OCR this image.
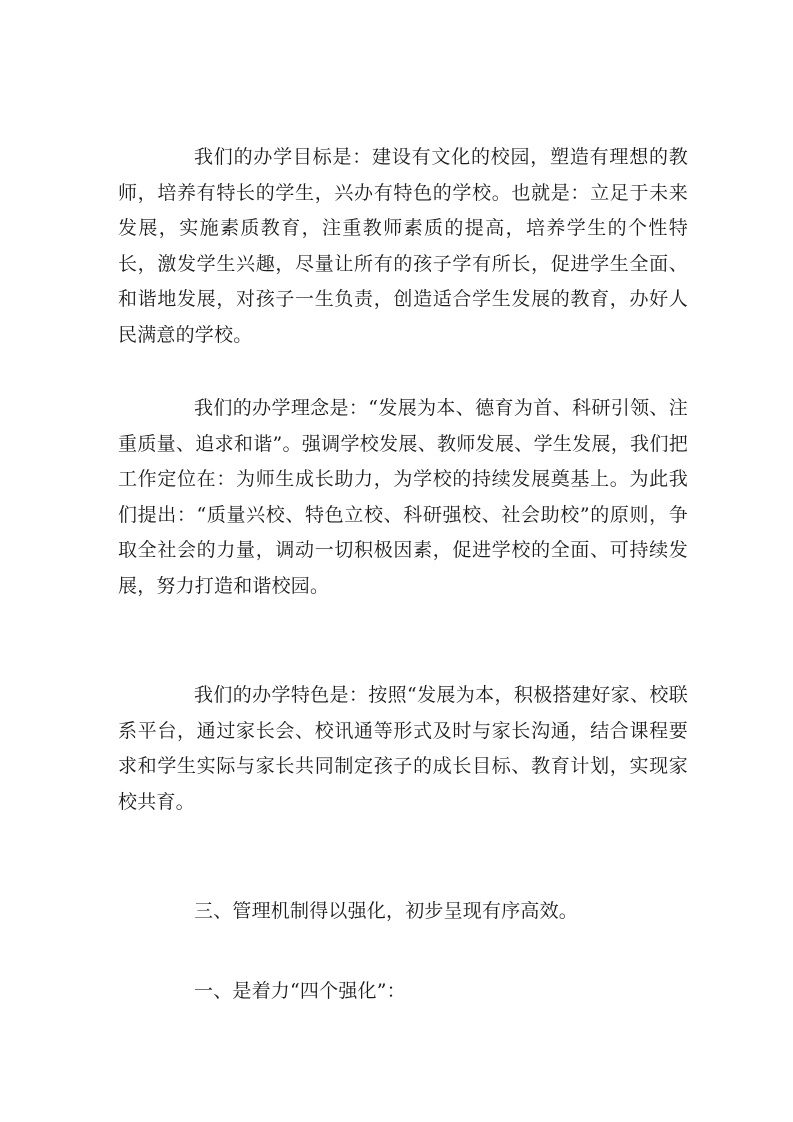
我们的办学目标是：建设有文化的校园，塑造有理想的教师，培养有特长的学生，兴办有特色的学校。也就是：立足于未来发展，实施素质教育，注重教师素质的提高，培养学生的个性特长，激发学生兴趣，尽量让所有的孩子学有所长，促进学生全面、和谐地发展，对孩子一生负责，创造适合学生发展的教育，办好人民满意的学校。

我们的办学理念是：“发展为本、德育为首、科研引领、注重质量、追求和谐”。强调学校发展、教师发展、学生发展，我们把工作定位在：为师生成长助力，为学校的持续发展奠基上。为此我们提出：“质量兴校、特色立校、科研强校、社会助校”的原则，争取全社会的力量，调动一切积极因素，促进学校的全面、可持续发展，努力打造和谐校园。

我们的办学特色是：按照“发展为本，积极搭建好家、校联系平台，通过家长会、校讯通等形式及时与家长沟通，结合课程要求和学生实际与家长共同制定孩子的成长目标、教育计划，实现家校共育。

三、管理机制得以强化，初步呈现有序高效。

一、是着力“四个强化”：
